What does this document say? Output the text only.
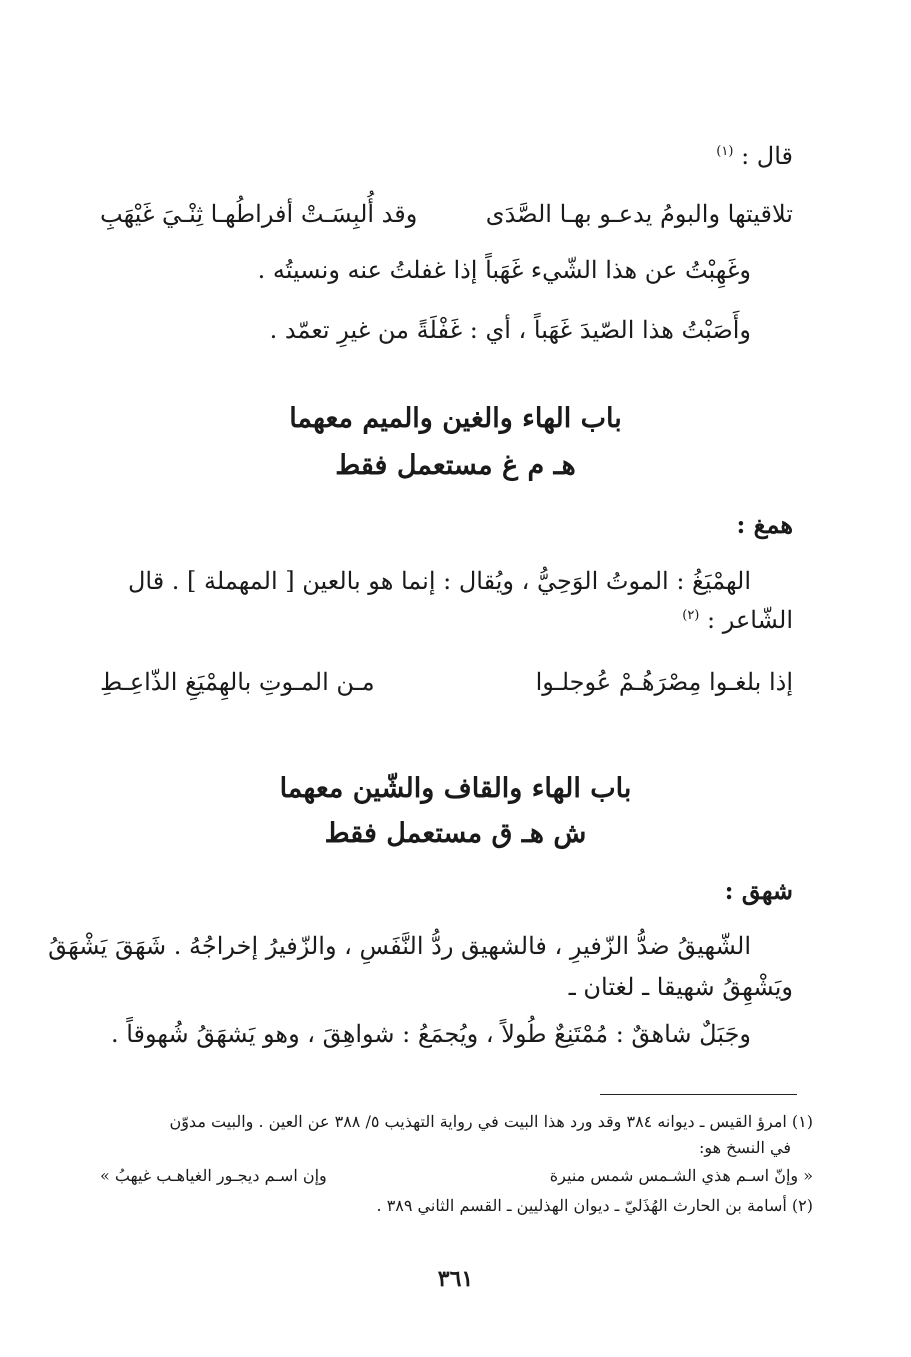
قال : $^{(١)}$
تلاقيتها والبومُ يدعـو بهـا الصَّدَى
وقد أُلبِسَـتْ أفراطُهـا ثِنْـيَ غَيْهَبِ
وغَهِبْتُ عن هذا الشّيء غَهَباً إذا غفلتُ عنه ونسيتُه .
وأَصَبْتُ هذا الصّيدَ غَهَباً ، أي : غَفْلَةً من غيرِ تعمّد .
باب الهاء والغين والميم معهما
هـ م غ مستعمل فقط
همغ :
الهمْيَغُ : الموتُ الوَحِيُّ ، ويُقال : إنما هو بالعين [ المهملة ] . قال
الشّاعر : $^{(٢)}$
إذا بلغـوا مِصْرَهُـمْ عُوجلـوا
مـن المـوتِ بالهِمْيَغِ الذّاعِـطِ
باب الهاء والقاف والشّين معهما
ش هـ ق مستعمل فقط
شهق :
الشّهيقُ ضدُّ الزّفيرِ ، فالشهيق ردُّ النَّفَسِ ، والزّفيرُ إخراجُهُ . شَهَقَ يَشْهَقُ
ويَشْهِقُ شهيقا ـ لغتان ـ
وجَبَلٌ شاهقٌ : مُمْتَنِعٌ طُولاً ، ويُجمَعُ : شواهِقَ ، وهو يَشهَقُ شُهوقاً .
(١) امرؤ القيس ـ ديوانه ٣٨٤ وقد ورد هذا البيت في رواية التهذيب ٥/ ٣٨٨ عن العين . والبيت مدوّن
في النسخ هو:
« وإنّ اسـم هذي الشـمس شمس منيرة
وإن اسـم ديجـور الغياهـب غيهبُ »
(٢) أسامة بن الحارث الهُذَليّ ـ ديوان الهذليين ـ القسم الثاني ٣٨٩ .
٣٦١
